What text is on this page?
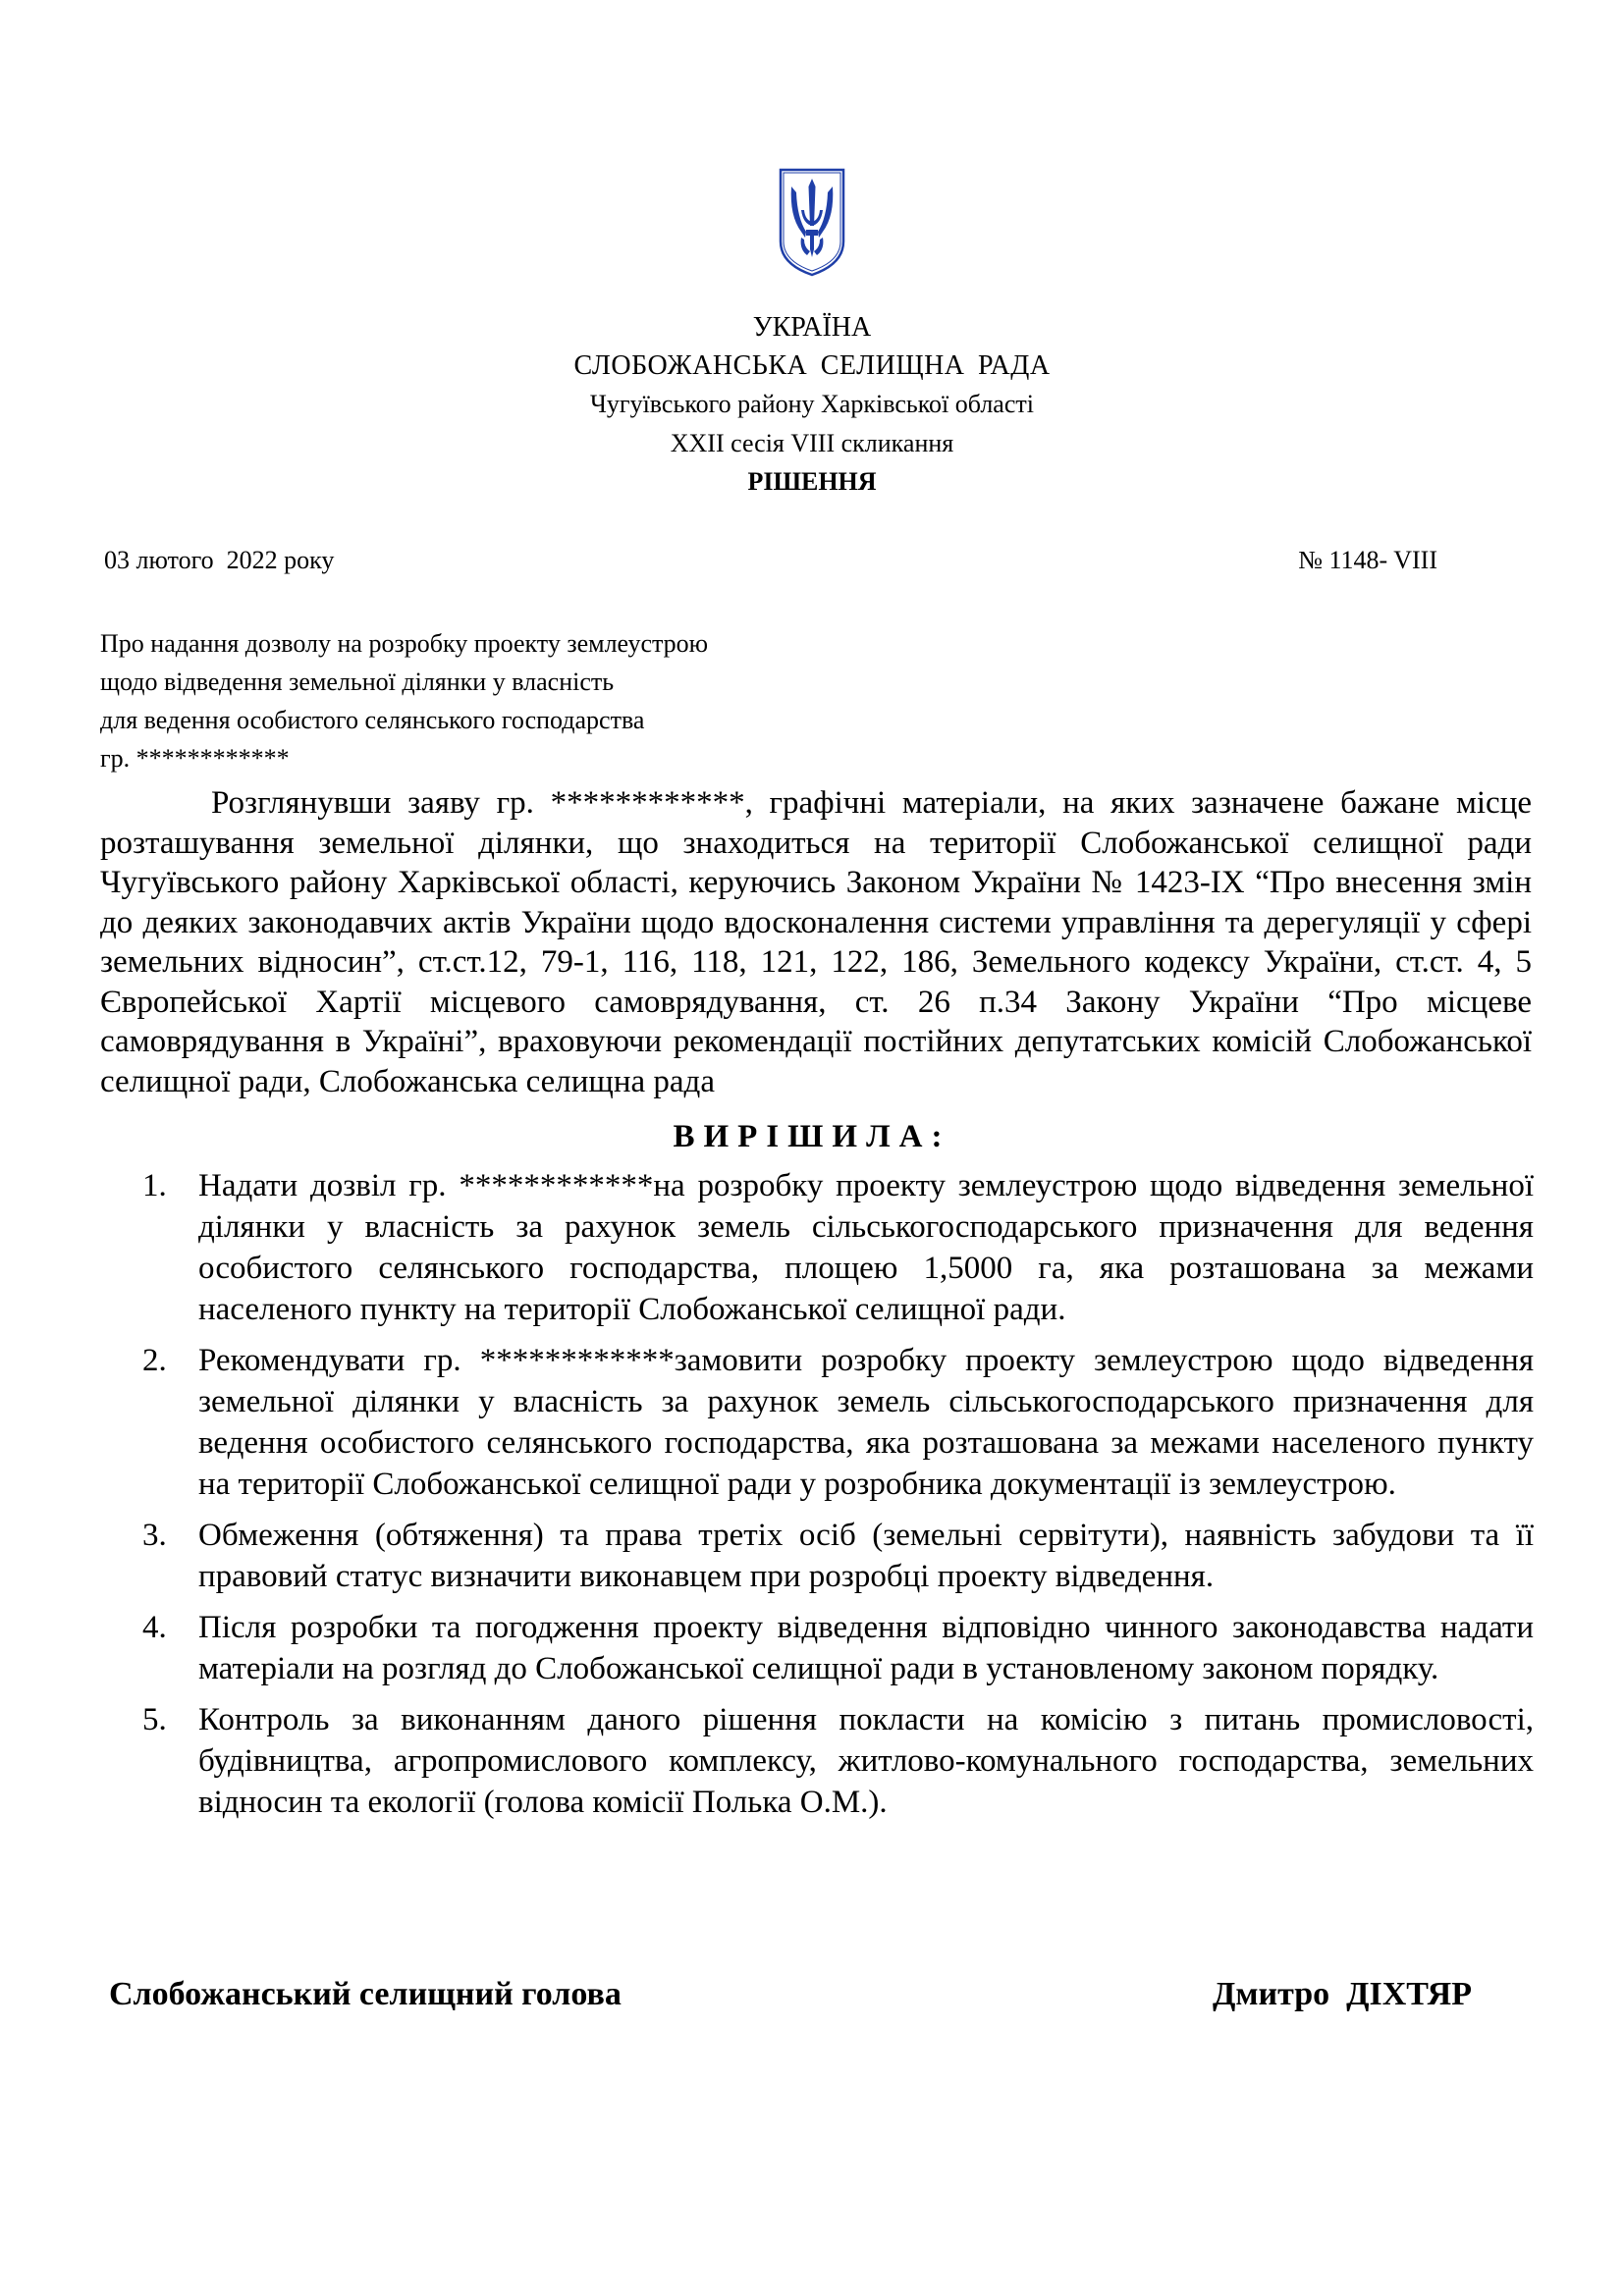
УКРАЇНА
СЛОБОЖАНСЬКА СЕЛИЩНА РАДА
Чугуївського району Харківської області
ХХІІ сесія VIІІ скликання
РІШЕННЯ
03 лютого  2022 року	№ 1148- VIІІ
Про надання дозволу на розробку проекту землеустрою
щодо відведення земельної ділянки у власність
для ведення особистого селянського господарства
гр. ************
Розглянувши заяву гр. ************, графічні матеріали, на яких зазначене бажане місце розташування земельної ділянки, що знаходиться на території Слобожанської селищної ради Чугуївського району Харківської області, керуючись Законом України № 1423-ІХ “Про внесення змін до деяких законодавчих актів України щодо вдосконалення системи управління та дерегуляції у сфері земельних відносин”, ст.ст.12, 79-1, 116, 118, 121, 122, 186, Земельного кодексу України, ст.ст. 4, 5 Європейської Хартії місцевого самоврядування, ст. 26 п.34 Закону України “Про місцеве самоврядування в Україні”, враховуючи рекомендації постійних депутатських комісій Слобожанської селищної ради, Слобожанська селищна рада
ВИРІШИЛА:
1. Надати дозвіл гр. ************на розробку проекту землеустрою щодо відведення земельної ділянки у власність за рахунок земель сільськогосподарського призначення для ведення особистого селянського господарства, площею 1,5000 га, яка розташована за межами населеного пункту на території Слобожанської селищної ради.
2. Рекомендувати гр. ************замовити розробку проекту землеустрою щодо відведення земельної ділянки у власність за рахунок земель сільськогосподарського призначення для ведення особистого селянського господарства, яка розташована за межами населеного пункту на території Слобожанської селищної ради у розробника документації із землеустрою.
3. Обмеження (обтяження) та права третіх осіб (земельні сервітути), наявність забудови та її правовий статус визначити виконавцем при розробці проекту відведення.
4. Після розробки та погодження проекту відведення відповідно чинного законодавства надати матеріали на розгляд до Слобожанської селищної ради в установленому законом порядку.
5. Контроль за виконанням даного рішення покласти на комісію з питань промисловості, будівництва, агропромислового комплексу, житлово-комунального господарства, земельних відносин та екології (голова комісії Полька О.М.).
Слобожанський селищний голова	Дмитро  ДІХТЯР
